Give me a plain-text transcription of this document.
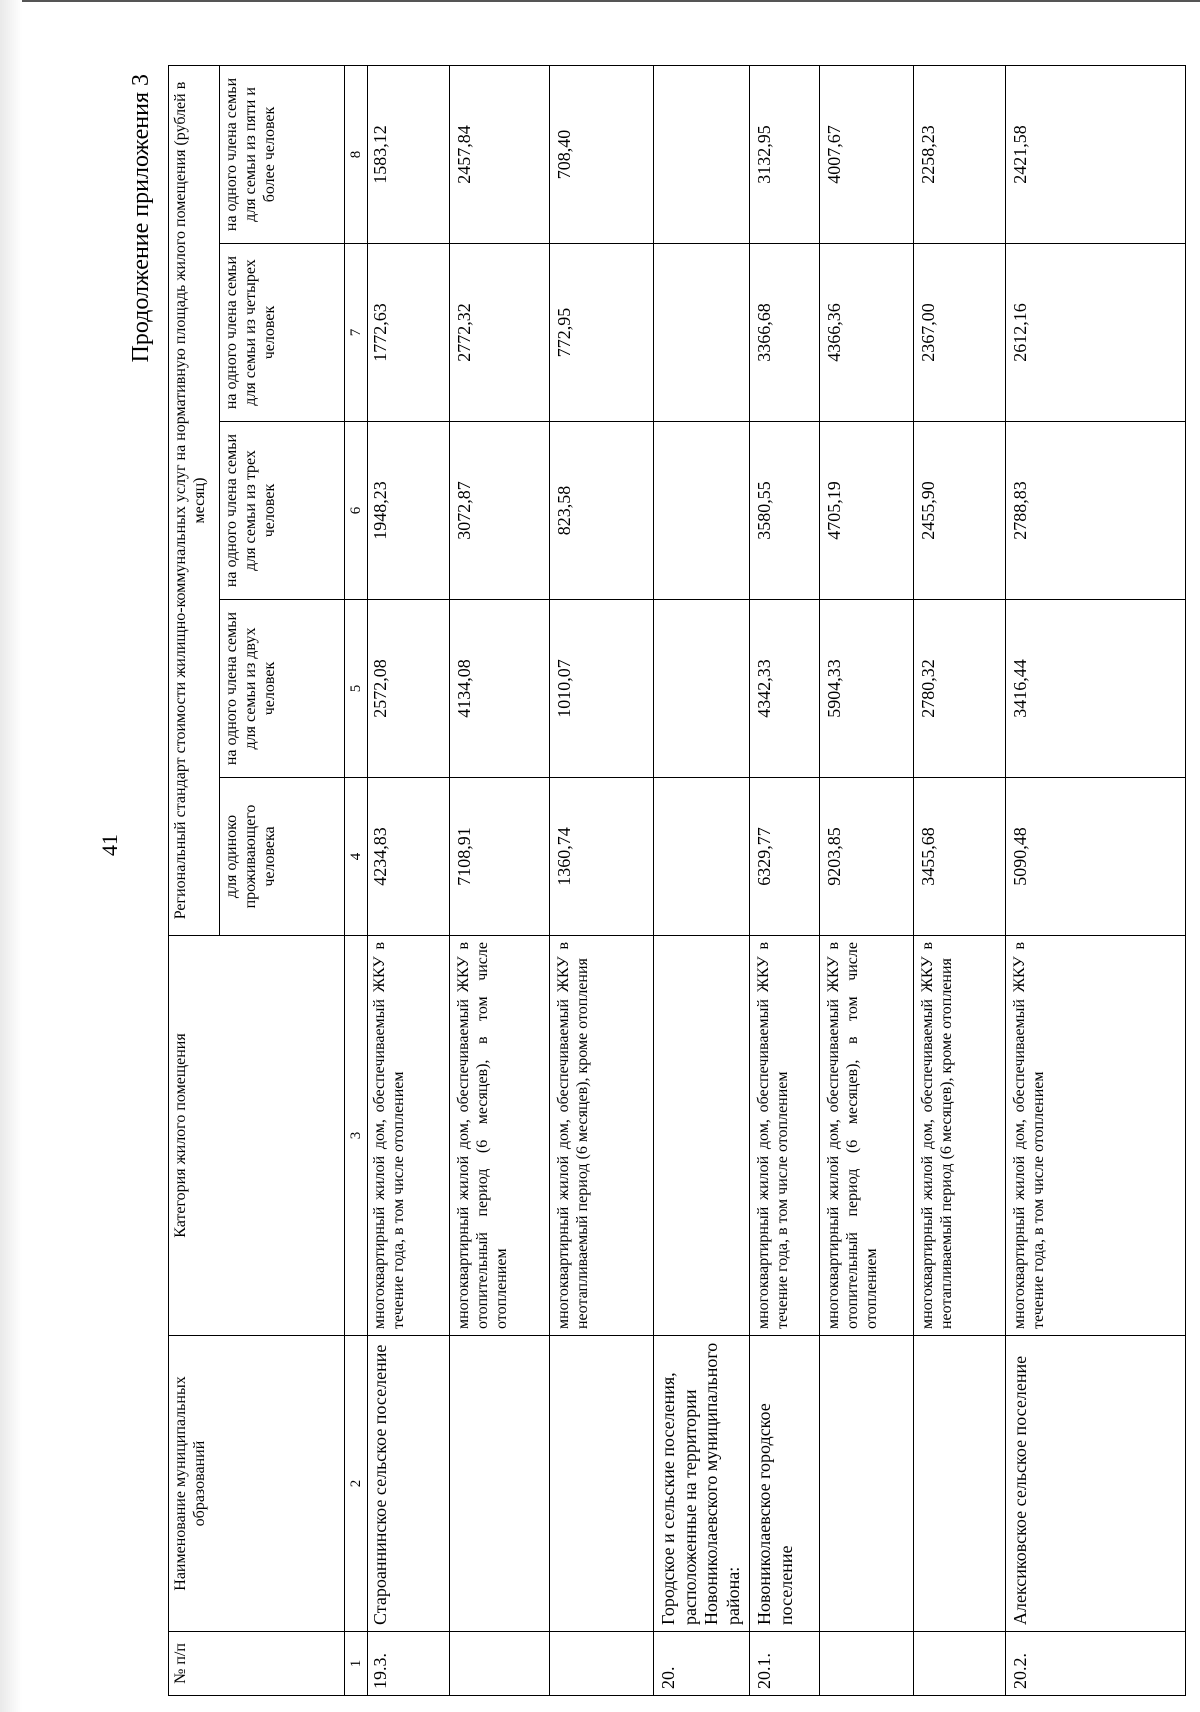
41
Продолжение приложения 3
№ п/п	Наименование муниципальных образований	Категория жилого помещения	Региональный стандарт стоимости жилищно-коммунальных услуг на нормативную площадь жилого помещения (рублей в месяц)				
			для одиноко проживающего человека	на одного члена семьи для семьи из двух человек	на одного члена семьи для семьи из трех человек	на одного члена семьи для семьи из четырех человек	на одного члена семьи для семьи из пяти и более человек
1	2	3	4	5	6	7	8
19.3.	Староаннинское сельское поселение	многоквартирный жилой дом, обеспечиваемый ЖКУ в течение года, в том числе отоплением	4234,83	2572,08	1948,23	1772,63	1583,12
		многоквартирный жилой дом, обеспечиваемый ЖКУ в отопительный период (6 месяцев), в том числе отоплением	7108,91	4134,08	3072,87	2772,32	2457,84
		многоквартирный жилой дом, обеспечиваемый ЖКУ в неотапливаемый период (6 месяцев), кроме отопления	1360,74	1010,07	823,58	772,95	708,40
20.	Городское и сельские поселения, расположенные на территории Новониколаевского муниципального района:						
20.1.	Новониколаевское городское поселение	многоквартирный жилой дом, обеспечиваемый ЖКУ в течение года, в том числе отоплением	6329,77	4342,33	3580,55	3366,68	3132,95
		многоквартирный жилой дом, обеспечиваемый ЖКУ в отопительный период (6 месяцев), в том числе отоплением	9203,85	5904,33	4705,19	4366,36	4007,67
		многоквартирный жилой дом, обеспечиваемый ЖКУ в неотапливаемый период (6 месяцев), кроме отопления	3455,68	2780,32	2455,90	2367,00	2258,23
20.2.	Алексиковское сельское поселение	многоквартирный жилой дом, обеспечиваемый ЖКУ в течение года, в том числе отоплением	5090,48	3416,44	2788,83	2612,16	2421,58
